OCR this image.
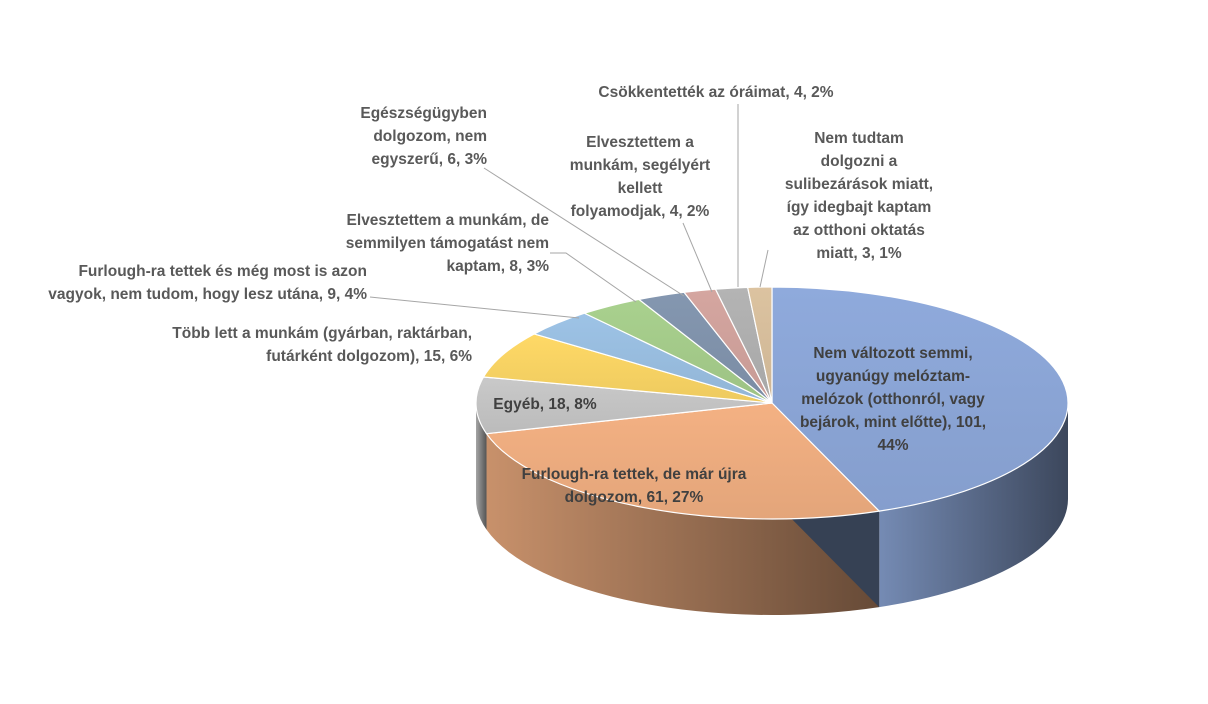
Nem változott semmi, ugyanúgy melóztam-melózok (otthonról, vagy bejárok, mint előtte), 101, 44%
Furlough-ra tettek, de már újra dolgozom, 61, 27%
Egyéb, 18, 8%
Több lett a munkám (gyárban, raktárban, futárként dolgozom), 15, 6%
Furlough-ra tettek és még most is azon vagyok, nem tudom, hogy lesz utána, 9, 4%
Elvesztettem a munkám, de semmilyen támogatást nem kaptam, 8, 3%
Egészségügyben dolgozom, nem egyszerű, 6, 3%
Elvesztettem a munkám, segélyért kellett folyamodjak, 4, 2%
Csökkentették az óráimat, 4, 2%
Nem tudtam dolgozni a sulibezárások miatt, így idegbajt kaptam az otthoni oktatás miatt, 3, 1%
